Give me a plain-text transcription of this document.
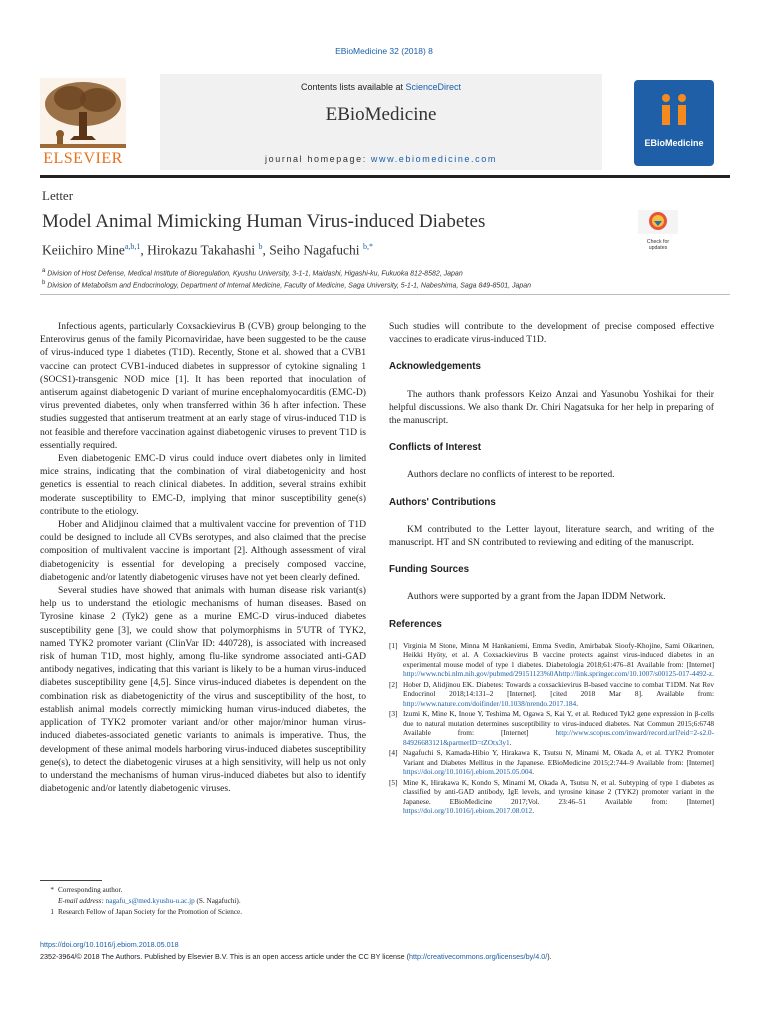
EBioMedicine 32 (2018) 8
Contents lists available at ScienceDirect
EBioMedicine
journal homepage: www.ebiomedicine.com
ELSEVIER
EBioMedicine
Letter
Model Animal Mimicking Human Virus-induced Diabetes
Check for updates
Keiichiro Mine$^{a,b,1}$, Hirokazu Takahashi $^b$, Seiho Nagafuchi $^{b,*}$
a Division of Host Defense, Medical Institute of Bioregulation, Kyushu University, 3-1-1, Maidashi, Higashi-ku, Fukuoka 812-8582, Japan
b Division of Metabolism and Endocrinology, Department of Internal Medicine, Faculty of Medicine, Saga University, 5-1-1, Nabeshima, Saga 849-8501, Japan

Infectious agents, particularly Coxsackievirus B (CVB) group belonging to the Enterovirus genus of the family Picornaviridae, have been suggested to be the cause of virus-induced type 1 diabetes (T1D). Recently, Stone et al. showed that a CVB1 vaccine can protect CVB1-induced diabetes in suppressor of cytokine signaling 1 (SOCS1)-transgenic NOD mice [1]. It has been reported that inoculation of antiserum against diabetogenic D variant of murine encephalomyocarditis (EMC-D) virus prevented diabetes, only when transferred within 36 h after infection. These studies suggested that antiserum treatment at an early stage of virus-induced T1D is not feasible and therefore vaccination against diabetogenic viruses to prevent T1D is essentially required.

Even diabetogenic EMC-D virus could induce overt diabetes only in limited mice strains, indicating that the combination of viral diabetogenicity and host genetics is essential to reach clinical diabetes. In addition, several strains exhibit moderate susceptibility to EMC-D, implying that minor susceptibility gene(s) contribute to the etiology.

Hober and Alidjinou claimed that a multivalent vaccine for prevention of T1D could be designed to include all CVBs serotypes, and also claimed that the precise composition of multivalent vaccine is important [2]. Although assessment of viral diabetogenicity is essential for developing a precisely composed vaccine, diabetogenic and/or latently diabetogenic viruses have not yet been clearly defined.

Several studies have showed that animals with human disease risk variant(s) help us to understand the etiologic mechanisms of human diseases. Based on Tyrosine kinase 2 (Tyk2) gene as a murine EMC-D virus-induced diabetes susceptibility gene [3], we could show that polymorphisms in 5′UTR of TYK2, named TYK2 promoter variant (ClinVar ID: 440728), is associated with increased risk of human T1D, most highly, among flu-like syndrome associated anti-GAD antibody negatives, indicating that this variant is likely to be a human virus-induced diabetes susceptibility gene [4,5]. Since virus-induced diabetes is dependent on the combination risk as diabetogenictity of the virus and susceptibility of the host, to establish animal models correctly mimicking human virus-induced diabetes, the application of TYK2 promoter variant and/or other major/minor human virus-induced diabetes-associated genetic variants to animals is imperative. Thus, the development of these animal models harboring virus-induced diabetes susceptibility gene(s), to detect the diabetogenic viruses at a high sensitivity, will help us not only to understand the mechanisms of human virus-induced diabetes but also to identify diabetogenic and/or latently diabetogenic viruses.

Such studies will contribute to the development of precise composed effective vaccines to eradicate virus-induced T1D.

Acknowledgements

The authors thank professors Keizo Anzai and Yasunobu Yoshikai for their helpful discussions. We also thank Dr. Chiri Nagatsuka for her help in preparing of the manuscript.

Conflicts of Interest

Authors declare no conflicts of interest to be reported.

Authors' Contributions

KM contributed to the Letter layout, literature search, and writing of the manuscript. HT and SN contributed to reviewing and editing of the manuscript.

Funding Sources

Authors were supported by a grant from the Japan IDDM Network.

References
[1] Virginia M Stone, Minna M Hankaniemi, Emma Svedin, Amirbabak Sioofy-Khojine, Sami Oikarinen, Heikki Hyöty, et al. A Coxsackievirus B vaccine protects against virus-induced diabetes in an experimental mouse model of type 1 diabetes. Diabetologia 2018;61:476–81 Available from: [Internet] http://www.ncbi.nlm.nih.gov/pubmed/29151123%0Ahttp://link.springer.com/10.1007/s00125-017-4492-z.
[2] Hober D, Alidjinou EK. Diabetes: Towards a coxsackievirus B-based vaccine to combat T1DM. Nat Rev Endocrinol 2018;14:131–2 [Internet]. [cited 2018 Mar 8]. Available from: http://www.nature.com/doifinder/10.1038/nrendo.2017.184.
[3] Izumi K, Mine K, Inoue Y, Teshima M, Ogawa S, Kai Y, et al. Reduced Tyk2 gene expression in β-cells due to natural mutation determines susceptibility to virus-induced diabetes. Nat Commun 2015;6:6748 Available from: [Internet] http://www.scopus.com/inward/record.url?eid=2-s2.0-84926683121&partnerID=tZOtx3y1.
[4] Nagafuchi S, Kamada-Hibio Y, Hirakawa K, Tsutsu N, Minami M, Okada A, et al. TYK2 Promoter Variant and Diabetes Mellitus in the Japanese. EBioMedicine 2015;2:744–9 Available from: [Internet] https://doi.org/10.1016/j.ebiom.2015.05.004.
[5] Mine K, Hirakawa K, Kondo S, Minami M, Okada A, Tsutsu N, et al. Subtyping of type 1 diabetes as classified by anti-GAD antibody, IgE levels, and tyrosine kinase 2 (TYK2) promoter variant in the Japanese. EBioMedicine 2017;Vol. 23:46–51 Available from: [Internet] https://doi.org/10.1016/j.ebiom.2017.08.012.
* Corresponding author.
E-mail address: nagafu_s@med.kyushu-u.ac.jp (S. Nagafuchi).
1 Research Fellow of Japan Society for the Promotion of Science.
https://doi.org/10.1016/j.ebiom.2018.05.018
2352-3964/© 2018 The Authors. Published by Elsevier B.V. This is an open access article under the CC BY license (http://creativecommons.org/licenses/by/4.0/).
